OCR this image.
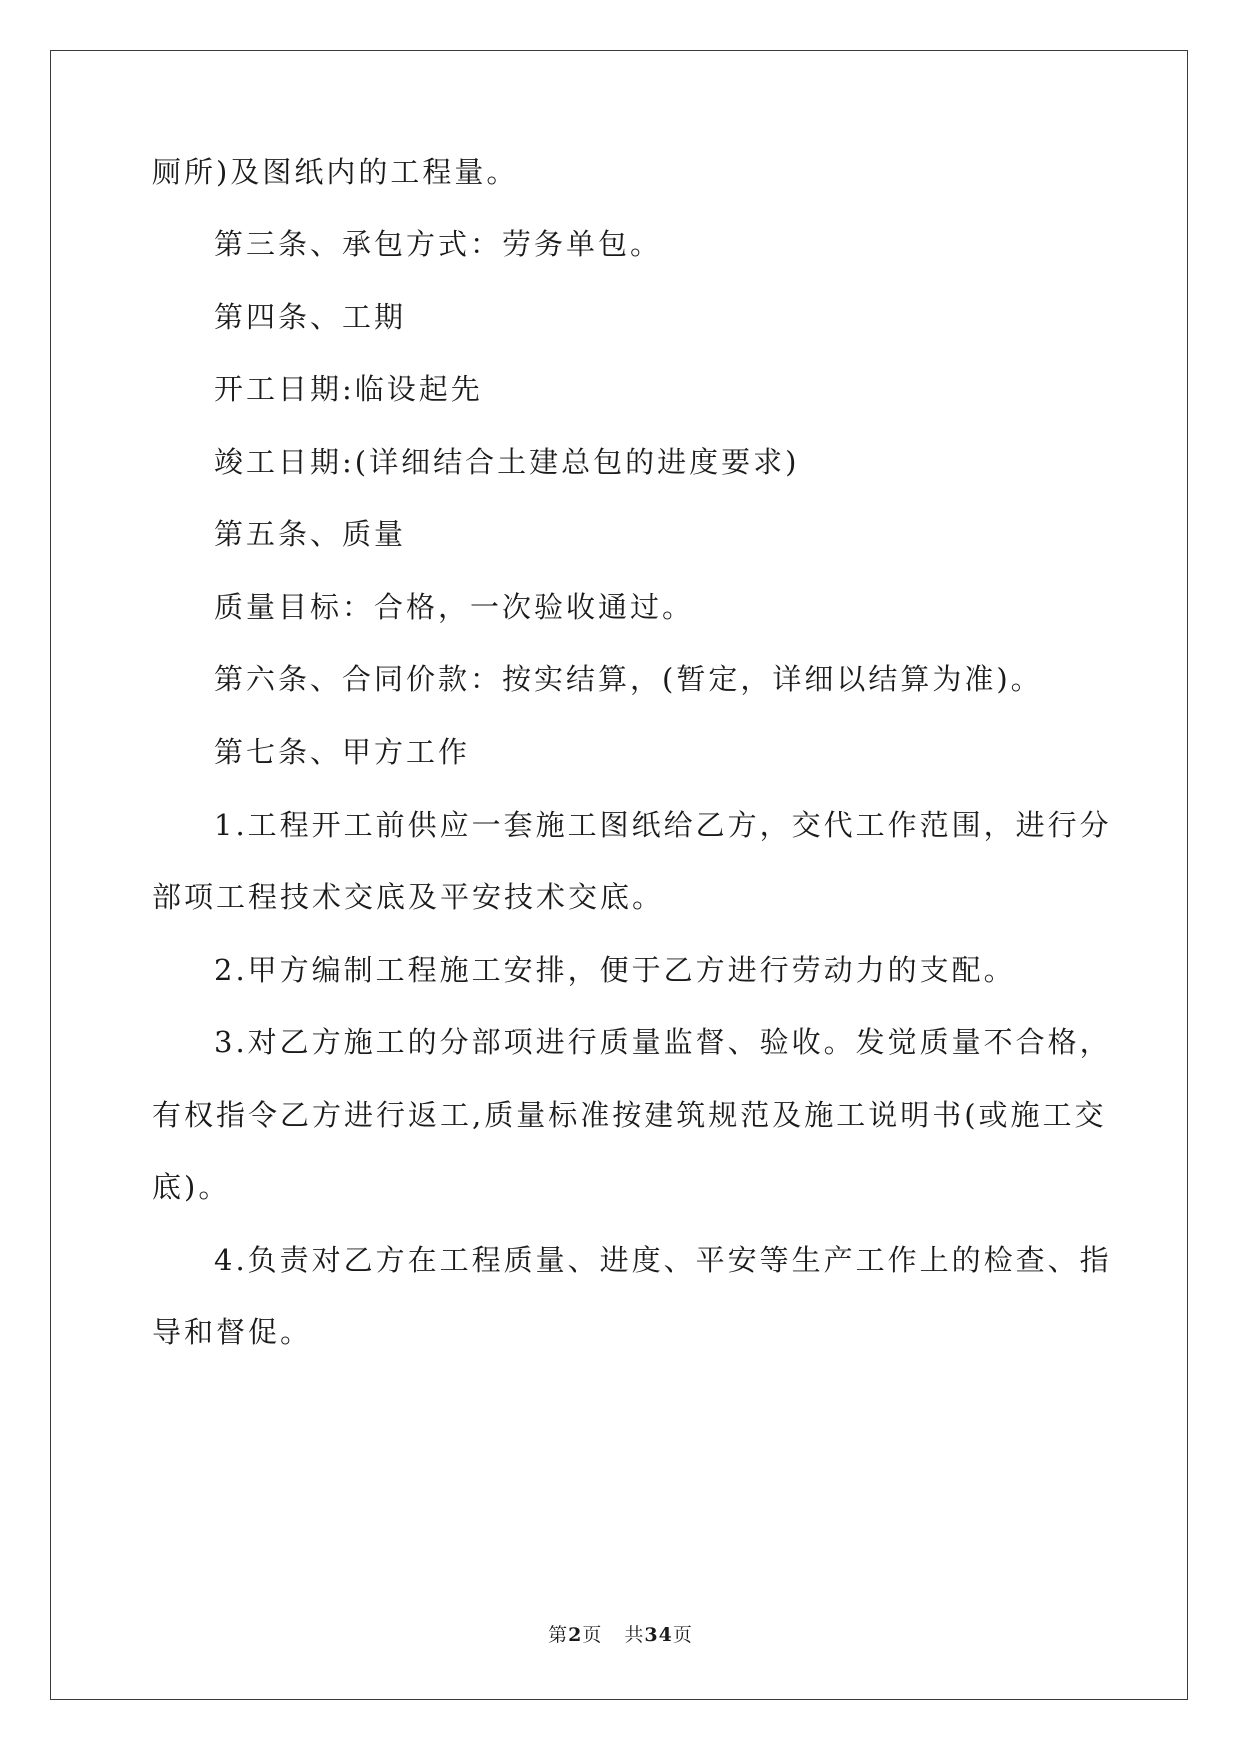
厕所)及图纸内的工程量。
第三条、承包方式：劳务单包。
第四条、工期
开工日期:临设起先
竣工日期:(详细结合土建总包的进度要求)
第五条、质量
质量目标：合格，一次验收通过。
第六条、合同价款：按实结算，(暂定，详细以结算为准)。
第七条、甲方工作
1.工程开工前供应一套施工图纸给乙方，交代工作范围，进行分
部项工程技术交底及平安技术交底。
2.甲方编制工程施工安排，便于乙方进行劳动力的支配。
3.对乙方施工的分部项进行质量监督、验收。发觉质量不合格，
有权指令乙方进行返工,质量标准按建筑规范及施工说明书(或施工交
底)。
4.负责对乙方在工程质量、进度、平安等生产工作上的检查、指
导和督促。
第2页 共34页
